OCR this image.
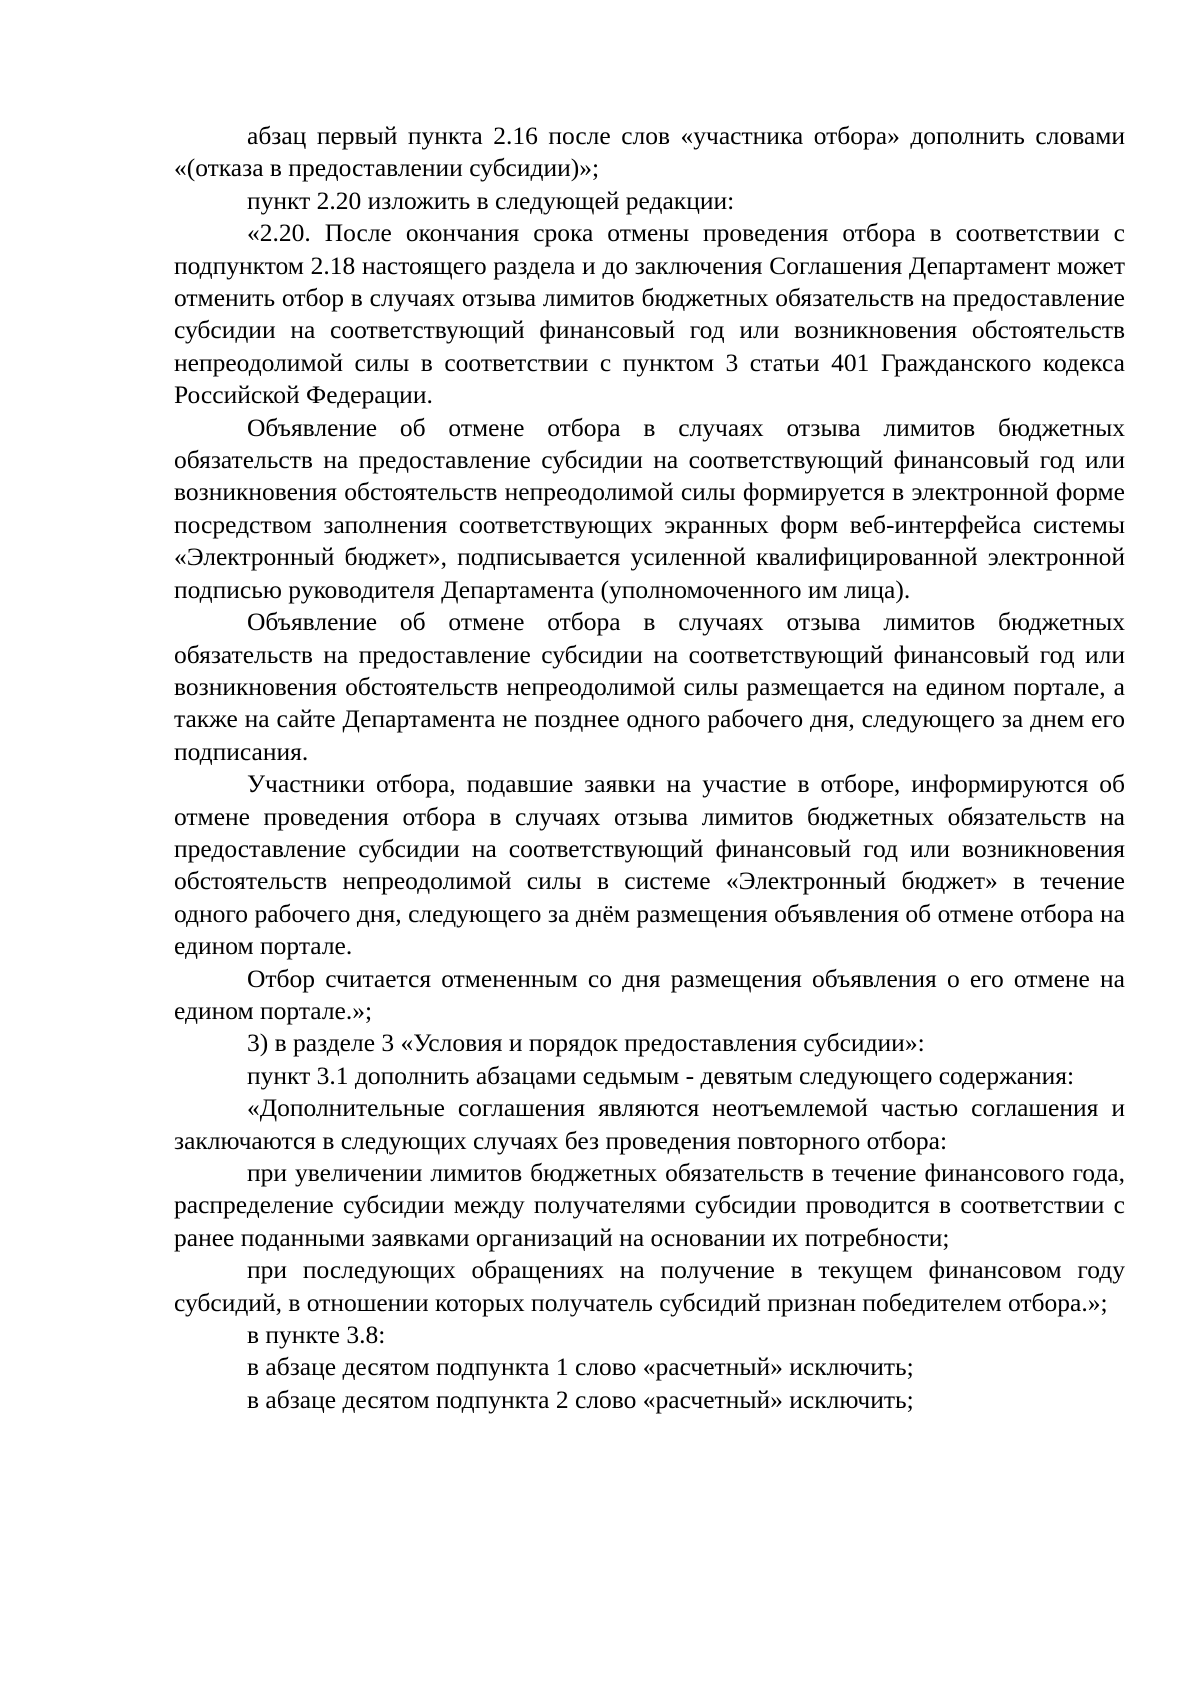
абзац первый пункта 2.16 после слов «участника отбора» дополнить словами «(отказа в предоставлении субсидии)»;

пункт 2.20 изложить в следующей редакции:

«2.20. После окончания срока отмены проведения отбора в соответствии с подпунктом 2.18 настоящего раздела и до заключения Соглашения Департамент может отменить отбор в случаях отзыва лимитов бюджетных обязательств на предоставление субсидии на соответствующий финансовый год или возникновения обстоятельств непреодолимой силы в соответствии с пунктом 3 статьи 401 Гражданского кодекса Российской Федерации.

Объявление об отмене отбора в случаях отзыва лимитов бюджетных обязательств на предоставление субсидии на соответствующий финансовый год или возникновения обстоятельств непреодолимой силы формируется в электронной форме посредством заполнения соответствующих экранных форм веб-интерфейса системы «Электронный бюджет», подписывается усиленной квалифицированной электронной подписью руководителя Департамента (уполномоченного им лица).

Объявление об отмене отбора в случаях отзыва лимитов бюджетных обязательств на предоставление субсидии на соответствующий финансовый год или возникновения обстоятельств непреодолимой силы размещается на едином портале, а также на сайте Департамента не позднее одного рабочего дня, следующего за днем его подписания.

Участники отбора, подавшие заявки на участие в отборе, информируются об отмене проведения отбора в случаях отзыва лимитов бюджетных обязательств на предоставление субсидии на соответствующий финансовый год или возникновения обстоятельств непреодолимой силы в системе «Электронный бюджет» в течение одного рабочего дня, следующего за днём размещения объявления об отмене отбора на едином портале.

Отбор считается отмененным со дня размещения объявления о его отмене на едином портале.»;

3) в разделе 3 «Условия и порядок предоставления субсидии»:

пункт 3.1 дополнить абзацами седьмым - девятым следующего содержания:

«Дополнительные соглашения являются неотъемлемой частью соглашения и заключаются в следующих случаях без проведения повторного отбора:

при увеличении лимитов бюджетных обязательств в течение финансового года, распределение субсидии между получателями субсидии проводится в соответствии с ранее поданными заявками организаций на основании их потребности;

при последующих обращениях на получение в текущем финансовом году субсидий, в отношении которых получатель субсидий признан победителем отбора.»;

в пункте 3.8:

в абзаце десятом подпункта 1 слово «расчетный» исключить;

в абзаце десятом подпункта 2 слово «расчетный» исключить;
